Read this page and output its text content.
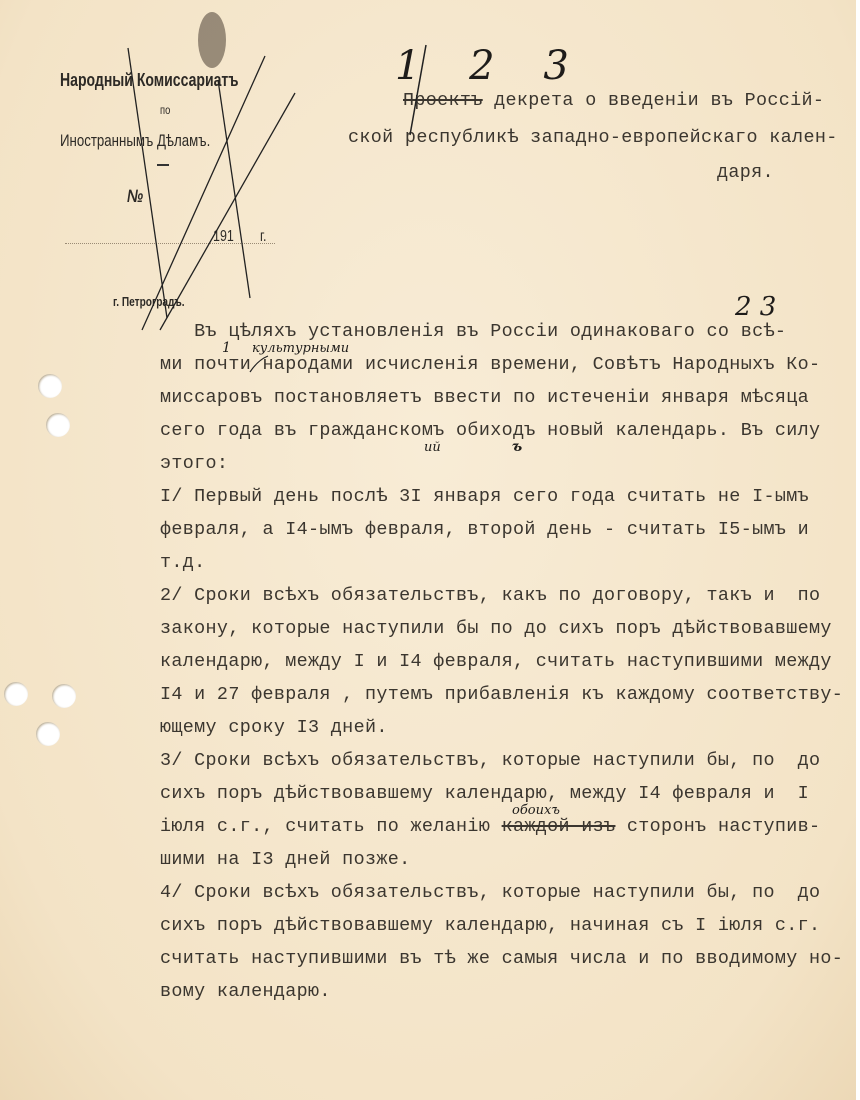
Народный Комиссариатъ
по
Иностраннымъ Дѣламъ.
№
191 г.
г. Петроградъ.
Проектъ декрета о введенiи въ Россiй-
ской республикѣ западно-европейскаго кален-
даря.
1 2 3
2 3
1 культурными
ий	ъ
обоихъ
Въ цѣляхъ установленiя въ Россiи одинаковаго со всѣ-
ми почти народами исчисленiя времени, Совѣтъ Народныхъ Ко-
миссаровъ постановляетъ ввести по истеченiи января мѣсяца
сего года въ гражданскомъ обиходъ новый календарь. Въ силу
этого:
I/ Первый день послѣ 3I января сего года считать не I-ымъ
февраля, а I4-ымъ февраля, второй день - считать I5-ымъ и
т.д.
2/ Сроки всѣхъ обязательствъ, какъ по договору, такъ и  по
закону, которые наступили бы по до сихъ поръ дѣйствовавшему
календарю, между I и I4 февраля, считать наступившими между
I4 и 27 февраля , путемъ прибавленiя къ каждому соответству-
ющему сроку I3 дней.
3/ Сроки всѣхъ обязательствъ, которые наступили бы, по  до
сихъ поръ дѣйствовавшему календарю, между I4 февраля и  I
iюля с.г., считать по желанiю каждой изъ сторонъ наступив-
шими на I3 дней позже.
4/ Сроки всѣхъ обязательствъ, которые наступили бы, по  до
сихъ поръ дѣйствовавшему календарю, начиная съ I iюля с.г.
считать наступившими въ тѣ же самыя числа и по вводимому но-
вому календарю.
